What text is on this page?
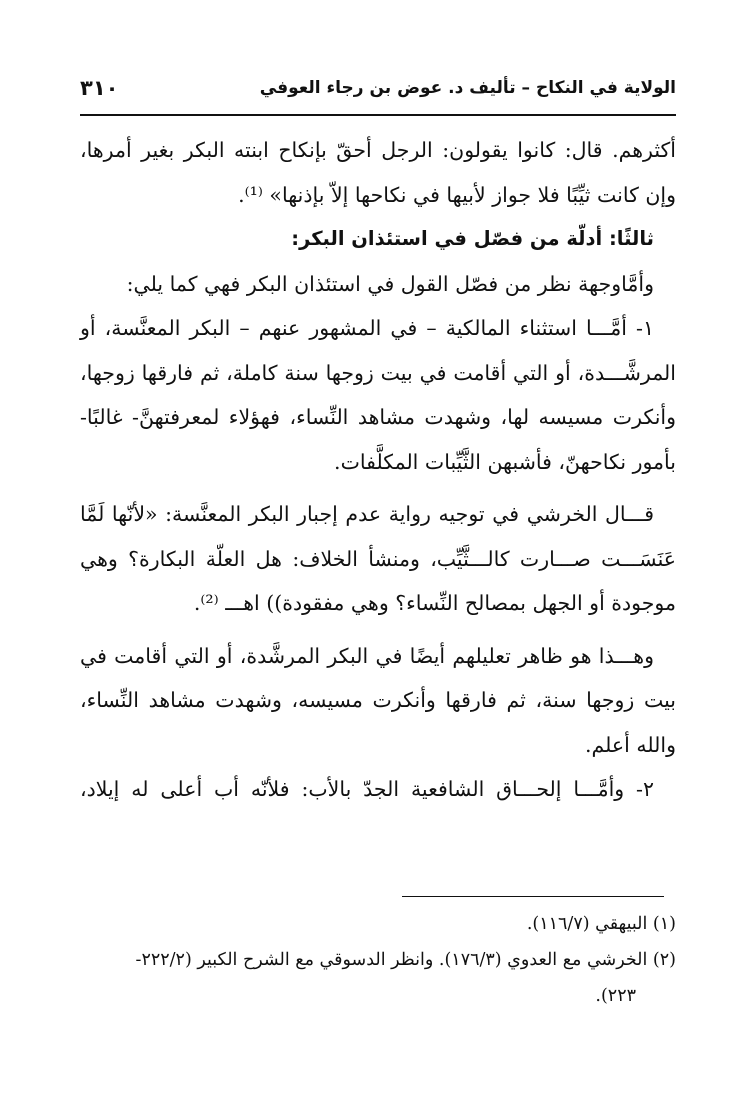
الولاية في النكاح – تأليف د. عوض بن رجاء العوفي
٣١٠
أكثرهم. قال: كانوا يقولون: الرجل أحقّ بإنكاح ابنته البكر بغير أمرها،
وإن كانت ثيِّبًا فلا جواز لأبيها في نكاحها إلاّ بإذنها» ⁽¹⁾.
ثالثًا: أدلّة من فصّل في استئذان البكر:
وأمَّاوجهة نظر من فصّل القول في استئذان البكر فهي كما يلي:
١- أمَّـــا استثناء المالكية – في المشهور عنهم – البكر المعنَّسة، أو
المرشَّـــدة، أو التي أقامت في بيت زوجها سنة كاملة، ثم فارقها زوجها،
وأنكرت مسيسه لها، وشهدت مشاهد النِّساء، فهؤلاء لمعرفتهنَّ- غالبًا-
بأمور نكاحهنّ، فأشبهن الثَّيِّبات المكلَّفات.
قـــال الخرشي في توجيه رواية عدم إجبار البكر المعنَّسة: «لأنّها لَمَّا
عَنَسَـــت صـــارت كالـــثَّيِّب، ومنشأ الخلاف: هل العلّة البكارة؟ وهي
موجودة أو الجهل بمصالح النِّساء؟ وهي مفقودة)) اهـــ ⁽²⁾.
وهـــذا هو ظاهر تعليلهم أيضًا في البكر المرشَّدة، أو التي أقامت في
بيت زوجها سنة، ثم فارقها وأنكرت مسيسه، وشهدت مشاهد النِّساء،
والله أعلم.
٢- وأمَّـــا إلحـــاق الشافعية الجدّ بالأب: فلأنّه أب أعلى له إيلاد،
(١) البيهقي (١١٦/٧).
(٢) الخرشي مع العدوي (١٧٦/٣). وانظر الدسوقي مع الشرح الكبير (٢٢٢/٢-
٢٢٣).
